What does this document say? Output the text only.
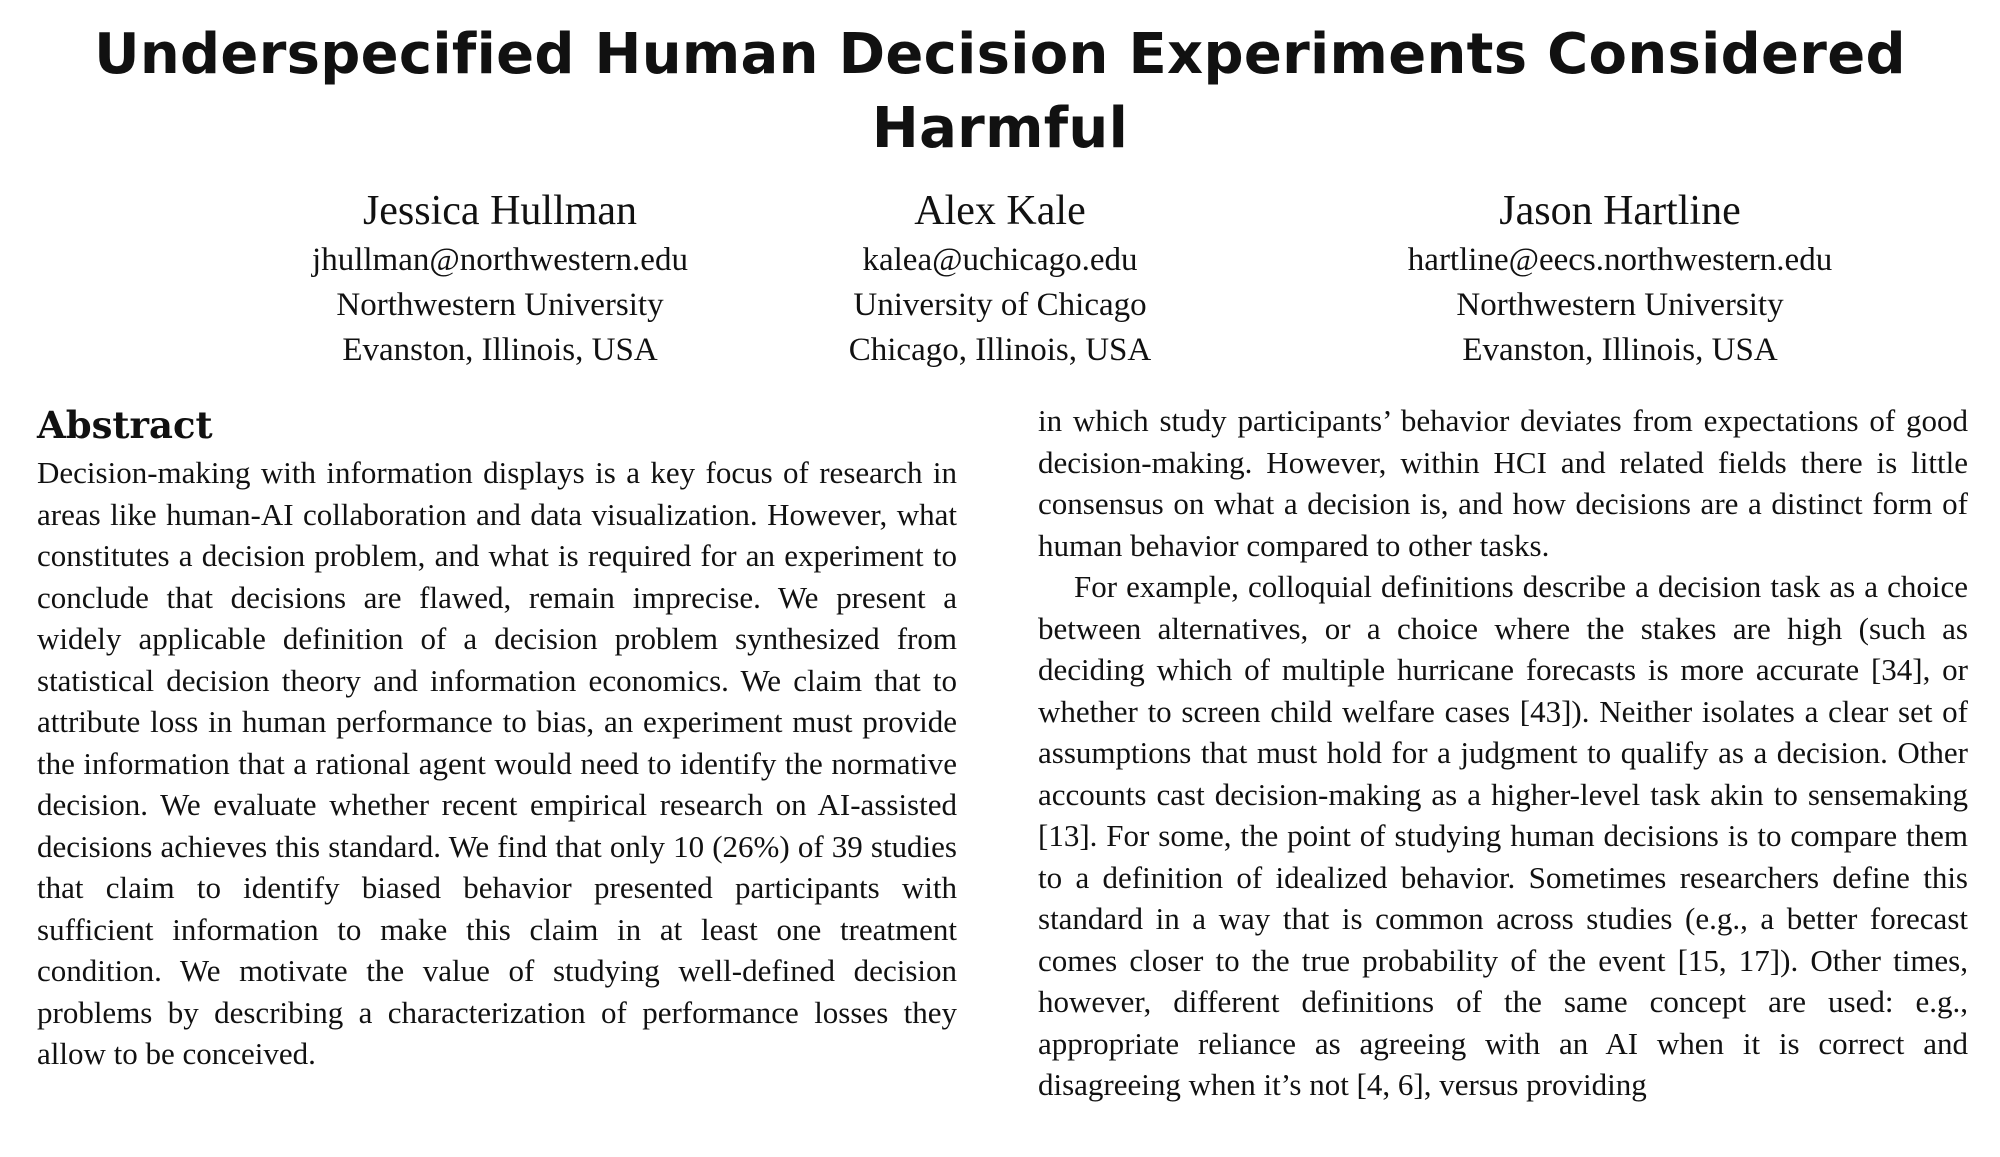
Underspecified Human Decision Experiments Considered
Harmful
Jessica Hullman
jhullman@northwestern.edu
Northwestern University
Evanston, Illinois, USA
Alex Kale
kalea@uchicago.edu
University of Chicago
Chicago, Illinois, USA
Jason Hartline
hartline@eecs.northwestern.edu
Northwestern University
Evanston, Illinois, USA
Abstract

Decision-making with information displays is a key focus of research in areas like human-AI collaboration and data visualization. However, what constitutes a decision problem, and what is required for an experiment to conclude that decisions are flawed, remain imprecise. We present a widely applicable definition of a decision problem synthesized from statistical decision theory and information economics. We claim that to attribute loss in human performance to bias, an experiment must provide the information that a rational agent would need to identify the normative decision. We evaluate whether recent empirical research on AI-assisted decisions achieves this standard. We find that only 10 (26%) of 39 studies that claim to identify biased behavior presented participants with sufficient information to make this claim in at least one treatment condition. We motivate the value of studying well-defined decision problems by describing a characterization of performance losses they allow to be conceived.

in which study participants’ behavior deviates from expectations of good decision-making. However, within HCI and related fields there is little consensus on what a decision is, and how decisions are a distinct form of human behavior compared to other tasks.

For example, colloquial definitions describe a decision task as a choice between alternatives, or a choice where the stakes are high (such as deciding which of multiple hurricane forecasts is more accurate [34], or whether to screen child welfare cases [43]). Neither isolates a clear set of assumptions that must hold for a judgment to qualify as a decision. Other accounts cast decision-making as a higher-level task akin to sensemaking [13]. For some, the point of studying human decisions is to compare them to a definition of idealized behavior. Sometimes researchers define this standard in a way that is common across studies (e.g., a better forecast comes closer to the true probability of the event [15, 17]). Other times, however, different definitions of the same concept are used: e.g., appropriate reliance as agreeing with an AI when it is correct and disagreeing when it’s not [4, 6], versus providing
